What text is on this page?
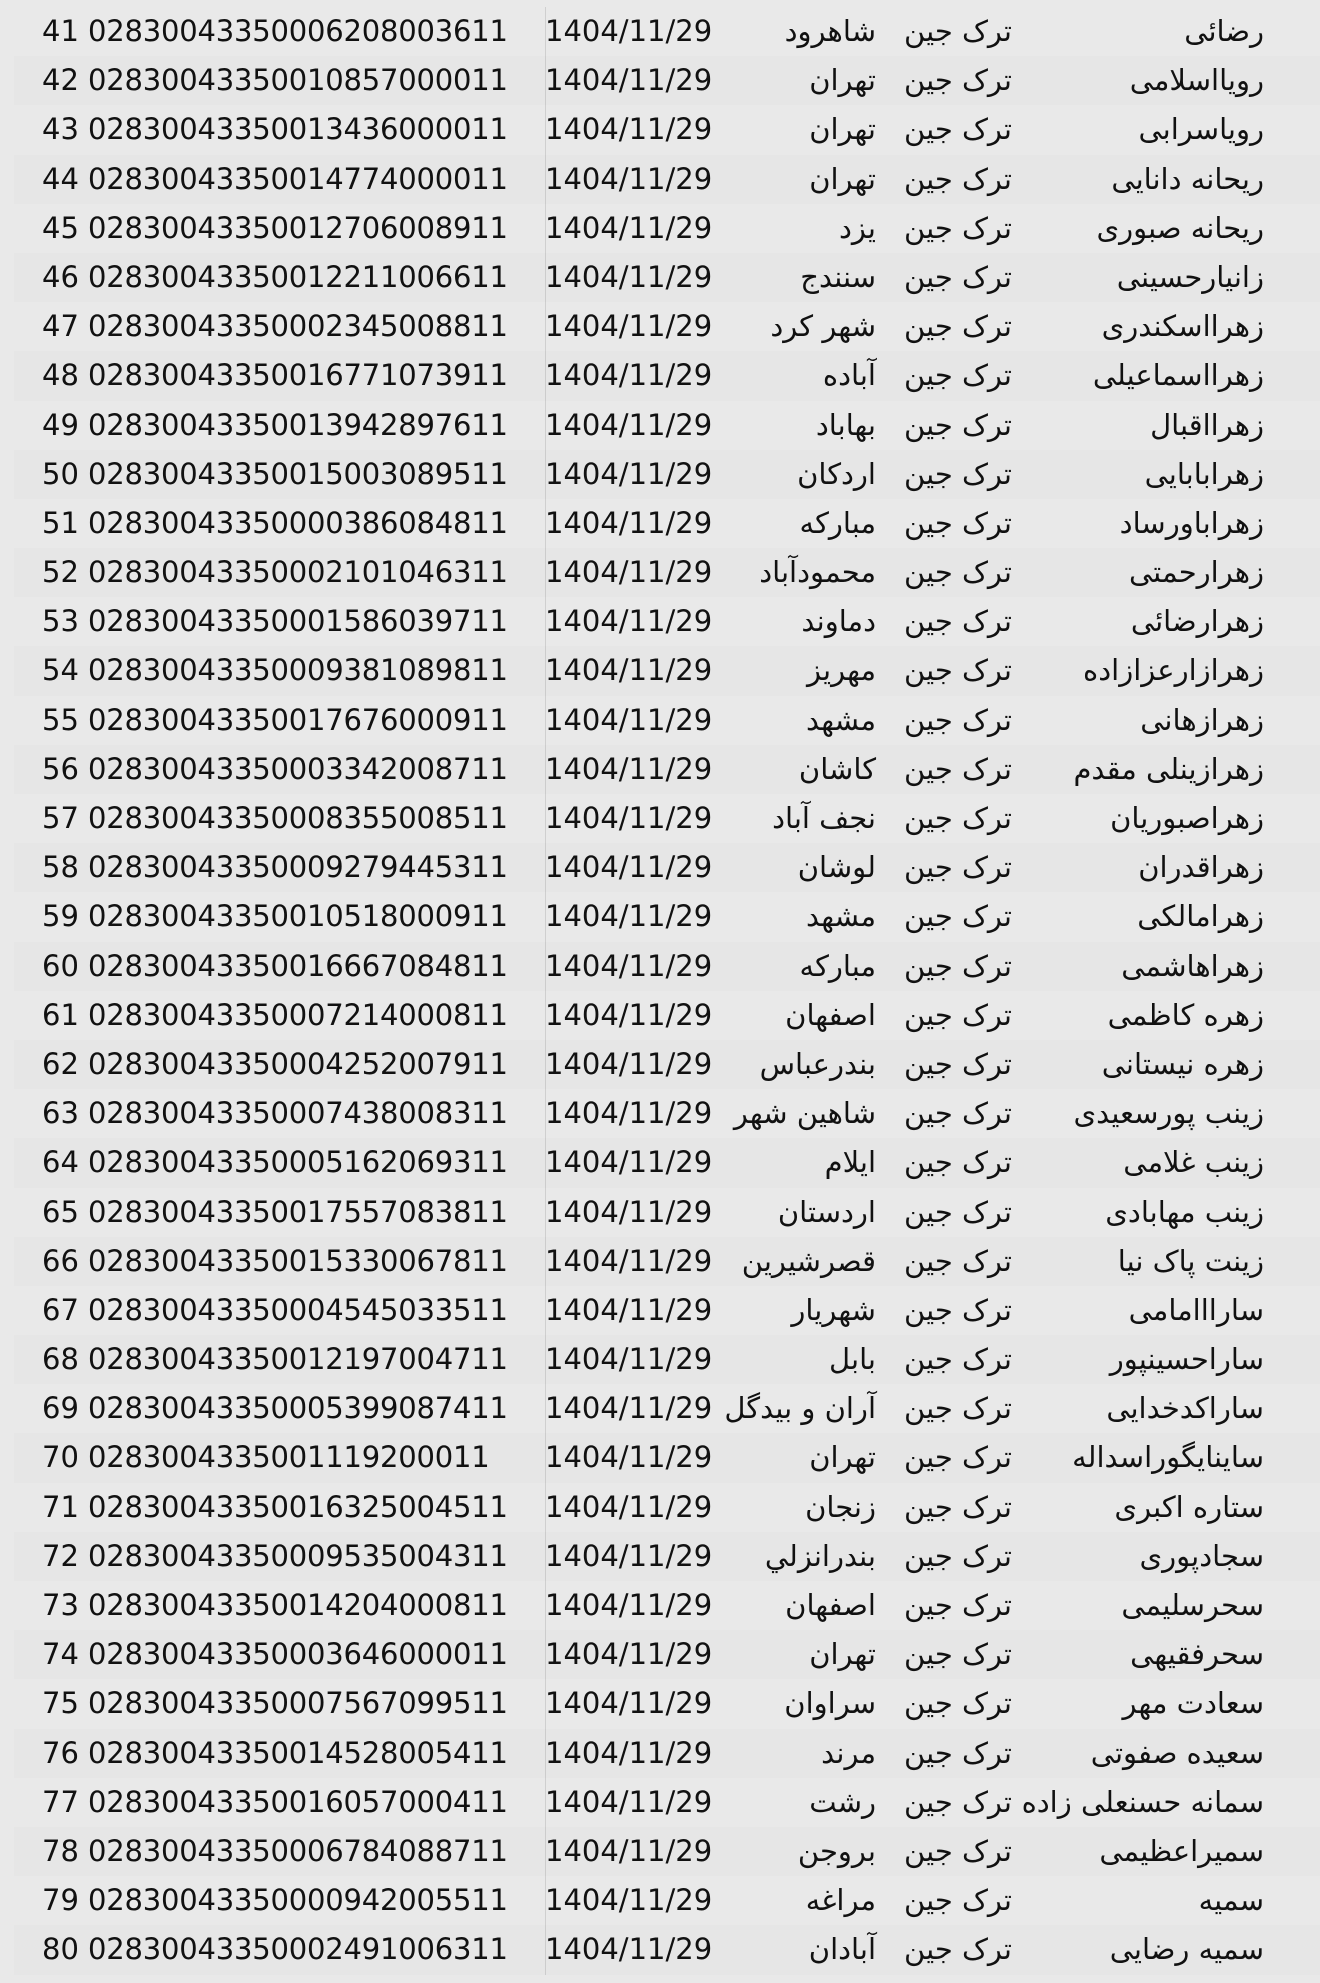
41 02830043350006208003611	1404/11/29	شاهرود ترک جین	رضائی
42 02830043350010857000011	1404/11/29	تهران ترک جین	رویااسلامی
43 02830043350013436000011	1404/11/29	تهران ترک جین	رویاسرابی
44 02830043350014774000011	1404/11/29	تهران ترک جین	ریحانه دانایی
45 02830043350012706008911	1404/11/29	یزد ترک جین	ریحانه صبوری
46 02830043350012211006611	1404/11/29	سنندج ترک جین	زانیارحسینی
47 02830043350002345008811	1404/11/29	شهر کرد ترک جین	زهرااسکندری
48 02830043350016771073911	1404/11/29	آباده ترک جین	زهرااسماعیلی
49 02830043350013942897611	1404/11/29	بهاباد ترک جین	زهرااقبال
50 02830043350015003089511	1404/11/29	اردکان ترک جین	زهرابابایی
51 02830043350000386084811	1404/11/29	مبارکه ترک جین	زهراباورساد
52 02830043350002101046311	1404/11/29	محمودآباد ترک جین	زهرارحمتی
53 02830043350001586039711	1404/11/29	دماوند ترک جین	زهرارضائی
54 02830043350009381089811	1404/11/29	مهریز ترک جین	زهرازارعزازاده
55 02830043350017676000911	1404/11/29	مشهد ترک جین	زهرازهانی
56 02830043350003342008711	1404/11/29	کاشان ترک جین	زهرازینلی مقدم
57 02830043350008355008511	1404/11/29	نجف آباد ترک جین	زهراصبوریان
58 02830043350009279445311	1404/11/29	لوشان ترک جین	زهراقدران
59 02830043350010518000911	1404/11/29	مشهد ترک جین	زهرامالکی
60 02830043350016667084811	1404/11/29	مبارکه ترک جین	زهراهاشمی
61 02830043350007214000811	1404/11/29	اصفهان ترک جین	زهره کاظمی
62 02830043350004252007911	1404/11/29	بندرعباس ترک جین	زهره نیستانی
63 02830043350007438008311	1404/11/29 شاهین شهر ترک جین	زینب پورسعیدی
64 02830043350005162069311	1404/11/29	ایلام ترک جین	زینب غلامی
65 02830043350017557083811	1404/11/29	اردستان ترک جین	زینب مهابادی
66 02830043350015330067811	1404/11/29	قصرشیرین ترک جین	زینت پاک نیا
67 02830043350004545033511	1404/11/29	شهریار ترک جین	سارااامامی
68 02830043350012197004711	1404/11/29	بابل ترک جین	ساراحسینپور
69 02830043350005399087411	1404/11/29 آران و بیدگل ترک جین	ساراکدخدایی
70 0283004335001119200011	1404/11/29	تهران ترک جین	ساینایگوراسداله
71 02830043350016325004511	1404/11/29	زنجان ترک جین	ستاره اکبری
72 02830043350009535004311	1404/11/29	بندرانزلي ترک جین	سجادپوری
73 02830043350014204000811	1404/11/29	اصفهان ترک جین	سحرسلیمی
74 02830043350003646000011	1404/11/29	تهران ترک جین	سحرفقیهی
75 02830043350007567099511	1404/11/29	سراوان ترک جین	سعادت مهر
76 02830043350014528005411	1404/11/29	مرند ترک جین	سعیده صفوتی
77 02830043350016057000411	1404/11/29	رشت ترک جین سمانه حسنعلی زاده
78 02830043350006784088711	1404/11/29	بروجن ترک جین	سمیراعظیمی
79 02830043350000942005511	1404/11/29	مراغه ترک جین	سمیه
80 02830043350002491006311	1404/11/29	آبادان ترک جین	سمیه رضایی
